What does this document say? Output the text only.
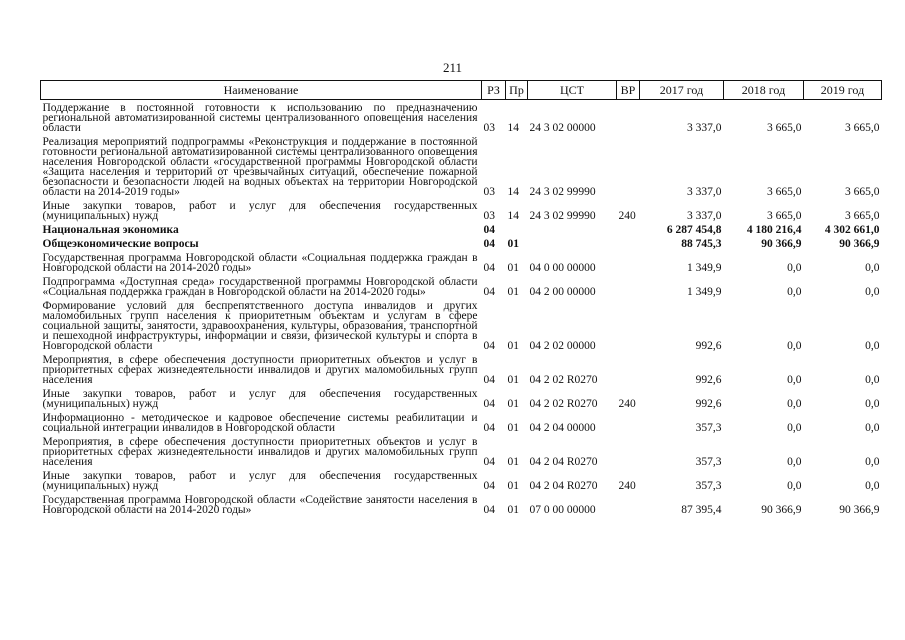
211
Наименование	РЗ	Пр	ЦСТ	ВР	2017 год	2018 год	2019 год
Поддержание в постоянной готовности к использованию по предназначению региональной автоматизированной системы централизованного оповещения населения области	03	14	24 3 02 00000		3 337,0	3 665,0	3 665,0
Реализация мероприятий подпрограммы «Реконструкция и поддержание в постоянной готовности региональной автоматизированной системы централизованного оповещения населения Новгородской области «государственной программы Новгородской области «Защита населения и территорий от чрезвычайных ситуаций, обеспечение пожарной безопасности и безопасности людей на водных объектах на территории Новгородской области на 2014-2019 годы»	03	14	24 3 02 99990		3 337,0	3 665,0	3 665,0
Иные закупки товаров, работ и услуг для обеспечения государственных (муниципальных) нужд	03	14	24 3 02 99990	240	3 337,0	3 665,0	3 665,0
Национальная экономика	04				6 287 454,8	4 180 216,4	4 302 661,0
Общеэкономические вопросы	04	01			88 745,3	90 366,9	90 366,9
Государственная программа Новгородской области «Социальная поддержка граждан в Новгородской области на 2014-2020 годы»	04	01	04 0 00 00000		1 349,9	0,0	0,0
Подпрограмма «Доступная среда» государственной программы Новгородской области «Социальная поддержка граждан в Новгородской области на 2014-2020 годы»	04	01	04 2 00 00000		1 349,9	0,0	0,0
Формирование условий для беспрепятственного доступа инвалидов и других маломобильных групп населения к приоритетным объектам и услугам в сфере социальной защиты, занятости, здравоохранения, культуры, образования, транспортной и пешеходной инфраструктуры, информации и связи, физической культуры и спорта в Новгородской области	04	01	04 2 02 00000		992,6	0,0	0,0
Мероприятия, в сфере обеспечения доступности приоритетных объектов и услуг в приоритетных сферах жизнедеятельности инвалидов и других маломобильных групп населения	04	01	04 2 02 R0270		992,6	0,0	0,0
Иные закупки товаров, работ и услуг для обеспечения государственных (муниципальных) нужд	04	01	04 2 02 R0270	240	992,6	0,0	0,0
Информационно - методическое и кадровое обеспечение системы реабилитации и социальной интеграции инвалидов в Новгородской области	04	01	04 2 04 00000		357,3	0,0	0,0
Мероприятия, в сфере обеспечения доступности приоритетных объектов и услуг в приоритетных сферах жизнедеятельности инвалидов и других маломобильных групп населения	04	01	04 2 04 R0270		357,3	0,0	0,0
Иные закупки товаров, работ и услуг для обеспечения государственных (муниципальных) нужд	04	01	04 2 04 R0270	240	357,3	0,0	0,0
Государственная программа Новгородской области «Содействие занятости населения в Новгородской области на 2014-2020 годы»	04	01	07 0 00 00000		87 395,4	90 366,9	90 366,9
